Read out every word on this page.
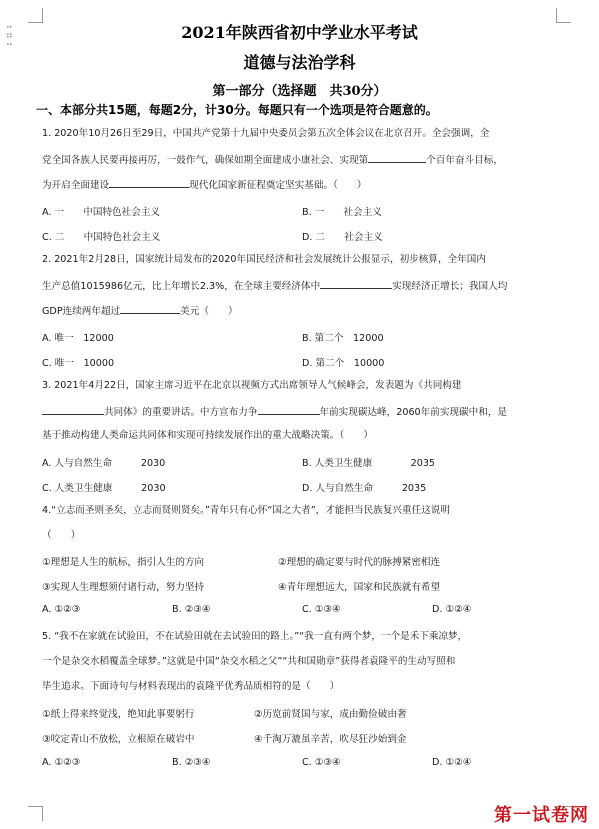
⁚⁚
⁚⁚	2021年陕西省初中学业水平考试
道德与法治学科
第一部分（选择题　共30分）
一、本部分共15题，每题2分，计30分。每题只有一个选项是符合题意的。
1. 2020年10月26日至29日，中国共产党第十九届中央委员会第五次全体会议在北京召开。全会强调，全
党全国各族人民要再接再厉，一鼓作气，确保如期全面建成小康社会、实现第	个百年奋斗目标，
为开启全面建设	现代化国家新征程奠定坚实基础。（　　）
A. 一　　中国特色社会主义	B. 一　　社会主义
C. 二　　中国特色社会主义	D. 二　　社会主义
2. 2021年2月28日，国家统计局发布的2020年国民经济和社会发展统计公报显示，初步核算，全年国内
生产总值1015986亿元，比上年增长2.3%，在全球主要经济体中	实现经济正增长；我国人均
GDP连续两年超过	美元（　　）
A. 唯一　12000	B. 第二个　12000
C. 唯一　10000	D. 第二个　10000
3. 2021年4月22日，国家主席习近平在北京以视频方式出席领导人气候峰会，发表题为《共同构建
共同体》的重要讲话。中方宣布力争	年前实现碳达峰，2060年前实现碳中和，是
基于推动构建人类命运共同体和实现可持续发展作出的重大战略决策。（　　）
A. 人与自然生命　　　2030	B. 人类卫生健康　　　　2035
C. 人类卫生健康　　　2030	D. 人与自然生命　　　2035
4.“立志而圣则圣矣，立志而贤则贤矣。”青年只有心怀“国之大者”，才能担当民族复兴重任这说明
（　　）
①理想是人生的航标，指引人生的方向	②理想的确定要与时代的脉搏紧密相连
③实现人生理想须付诸行动，努力坚持	④青年理想远大，国家和民族就有希望
A. ①②③	B. ②③④	C. ①③④	D. ①②④
5. “我不在家就在试验田，不在试验田就在去试验田的路上。”“我一直有两个梦，一个是禾下乘凉梦，
一个是杂交水稻覆盖全球梦。”这就是中国“杂交水稻之父”“共和国勋章”获得者袁隆平的生动写照和
毕生追求。下面诗句与材料表现出的袁隆平优秀品质相符的是（　　）
①纸上得来终觉浅，绝知此事要躬行	②历览前贤国与家，成由勤俭破由奢
③咬定青山不放松，立根原在破岩中	④千淘万漉虽辛苦，吹尽狂沙始到金
A. ①②③	B. ②③④	C. ①③④	D. ①②④
第一试卷网
